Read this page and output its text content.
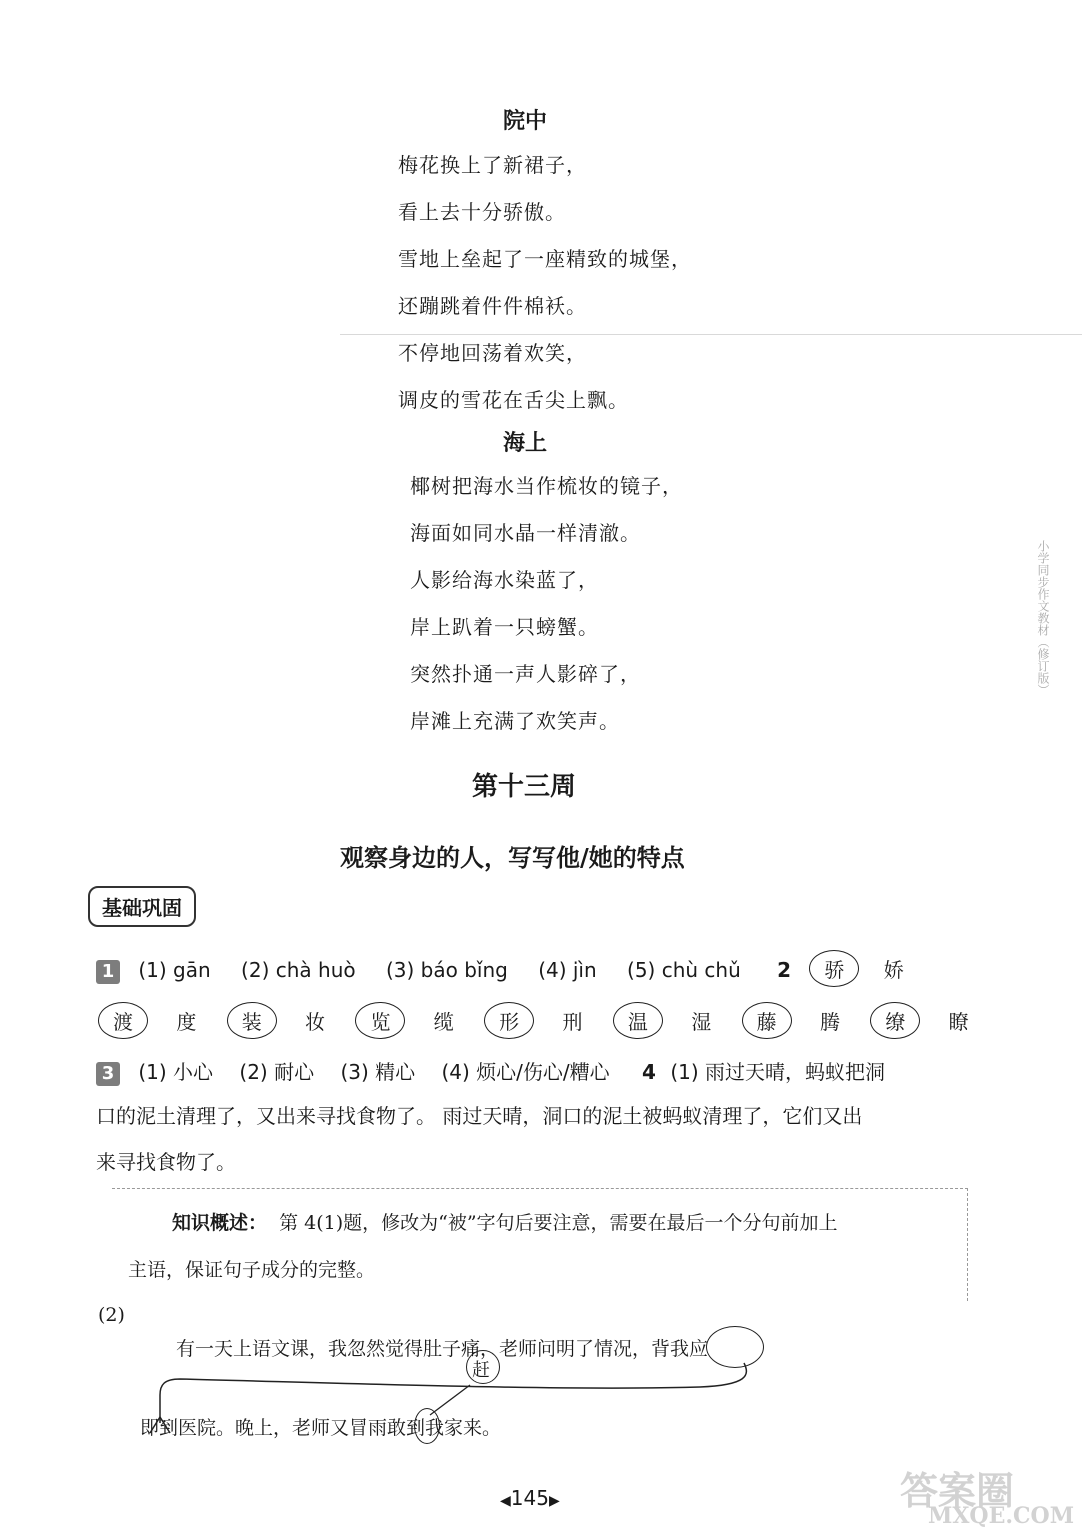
院中
梅花换上了新裙子，
看上去十分骄傲。
雪地上垒起了一座精致的城堡，
还蹦跳着件件棉袄。
不停地回荡着欢笑，
调皮的雪花在舌尖上飘。
海上
椰树把海水当作梳妆的镜子，
海面如同水晶一样清澈。
人影给海水染蓝了，
岸上趴着一只螃蟹。
突然扑通一声人影碎了，
岸滩上充满了欢笑声。
第十三周
观察身边的人，写写他/她的特点
基础巩固
1 (1) gān (2) chà huò (3) báo bǐng (4) jìn (5) chù chǔ 2 骄 娇
渡 度 装 妆 览 缆 形 刑 温 湿 藤 腾 缭 瞭
3 (1) 小心 (2) 耐心 (3) 精心 (4) 烦心/伤心/糟心 4 (1) 雨过天晴，蚂蚁把洞
口的泥土清理了，又出来寻找食物了。 雨过天晴，洞口的泥土被蚂蚁清理了，它们又出
来寻找食物了。
知识概述： 第 4(1)题，修改为“被”字句后要注意，需要在最后一个分句前加上
主语，保证句子成分的完整。
(2)
有一天上语文课，我忽然觉得肚子痛，老师问明了情况，背我应
即到医院。晚上，老师又冒雨敢到我家来。
赶
◀145▶
小学同步作文教材（修订版）
答案圈
MXQE.COM
